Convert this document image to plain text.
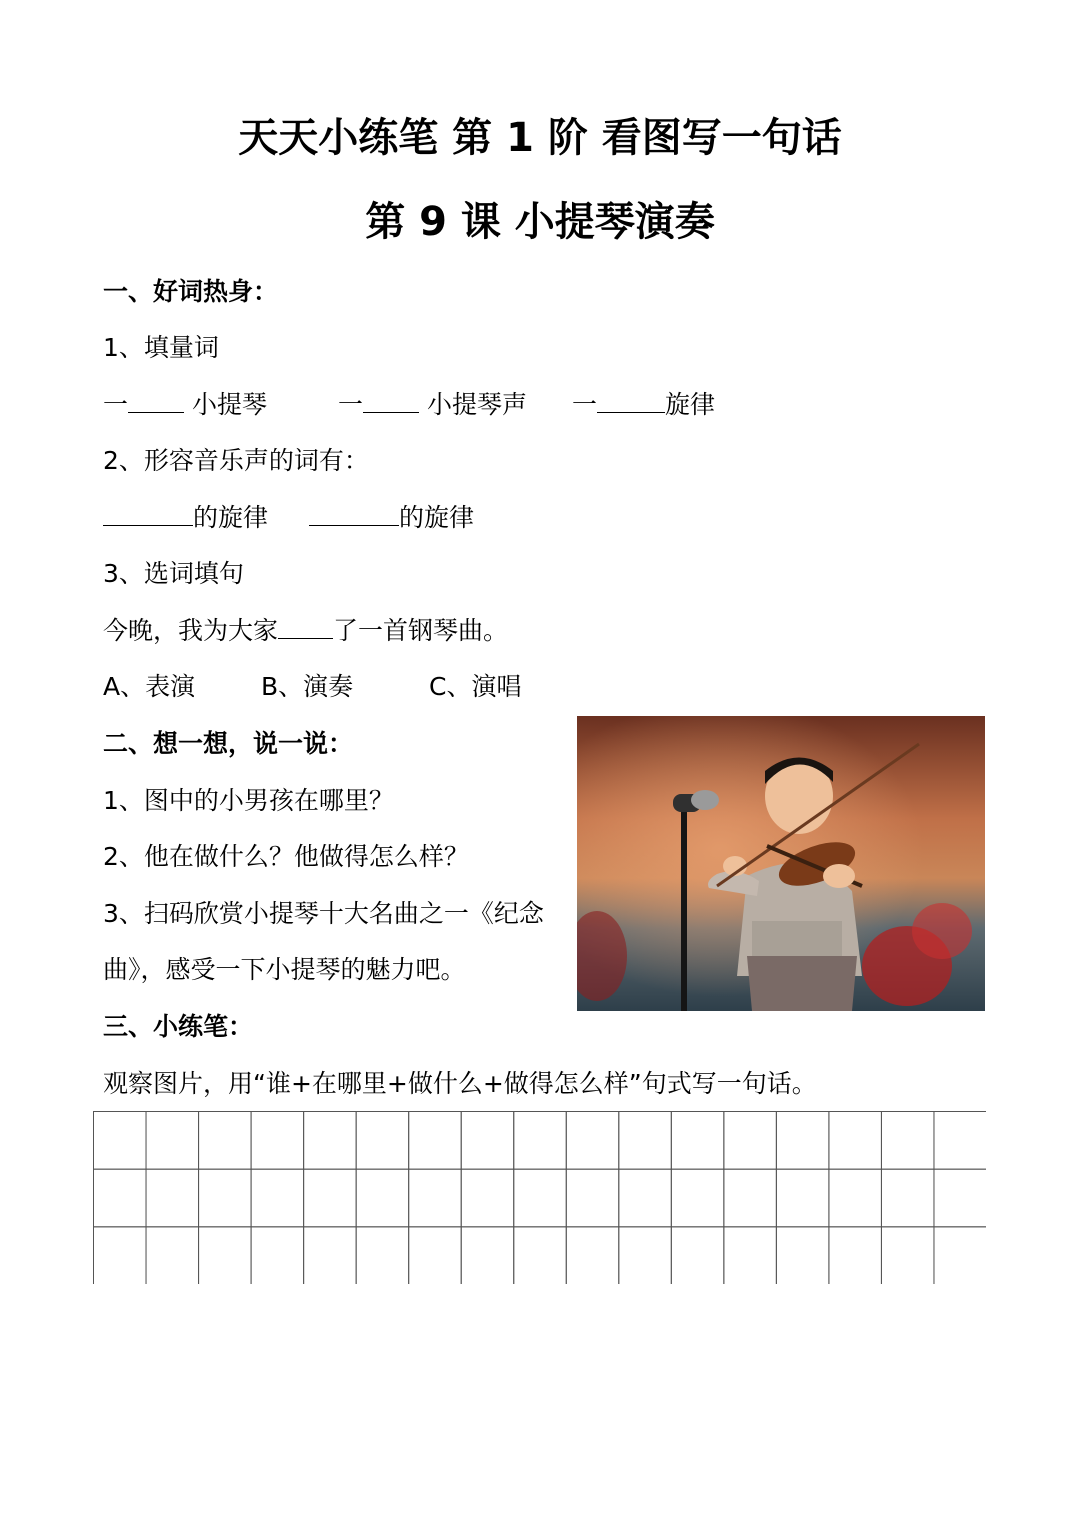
天天小练笔 第 1 阶 看图写一句话
第 9 课 小提琴演奏
一、好词热身：
1、填量词
一	小提琴	一	小提琴声 一	旋律
2、形容音乐声的词有：
的旋律	的旋律
3、选词填句
今晚，我为大家 了一首钢琴曲。
A、表演	B、演奏	C、演唱
二、想一想，说一说：
1、图中的小男孩在哪里？
2、他在做什么？他做得怎么样？
3、扫码欣赏小提琴十大名曲之一《纪念
曲》，感受一下小提琴的魅力吧。
三、小练笔：
观察图片，用“谁+在哪里+做什么+做得怎么样”句式写一句话。
